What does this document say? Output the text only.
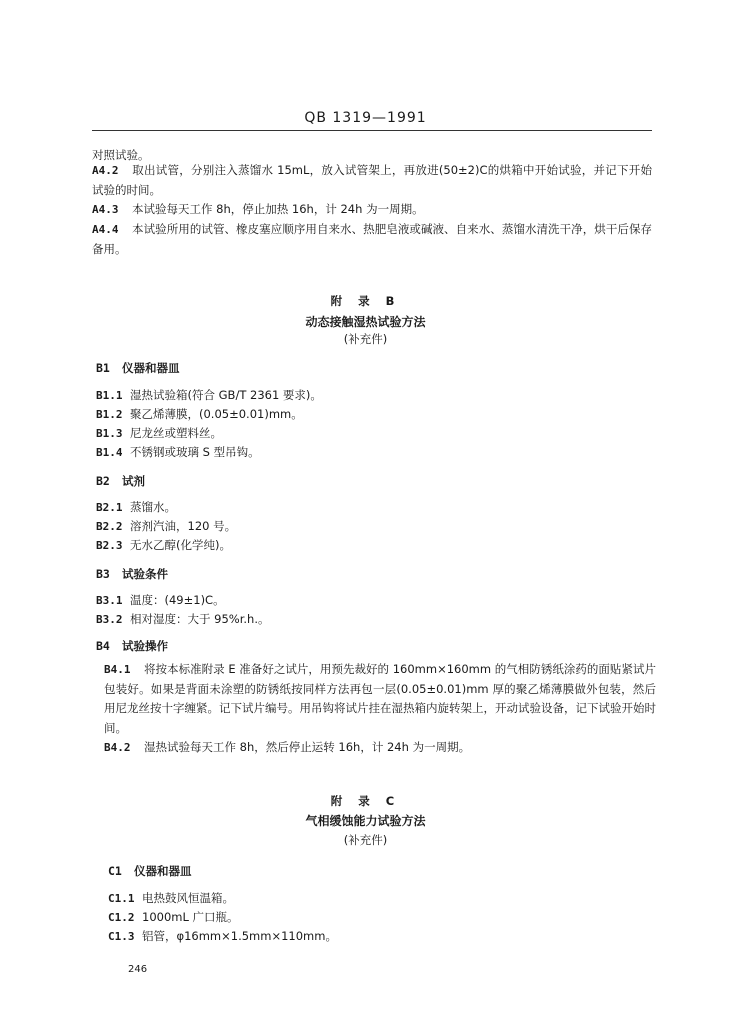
QB 1319—1991
对照试验。
A4.2 取出试管，分别注入蒸馏水 15mL，放入试管架上，再放进(50±2)C的烘箱中开始试验，并记下开始试验的时间。
A4.3 本试验每天工作 8h，停止加热 16h，计 24h 为一周期。
A4.4 本试验所用的试管、橡皮塞应顺序用自来水、热肥皂液或碱液、自来水、蒸馏水清洗干净，烘干后保存备用。
附 录 B
动态接触湿热试验方法
(补充件)
B1 仪器和器皿
B1.1 湿热试验箱(符合 GB/T 2361 要求)。
B1.2 聚乙烯薄膜，(0.05±0.01)mm。
B1.3 尼龙丝或塑料丝。
B1.4 不锈钢或玻璃 S 型吊钩。
B2 试剂
B2.1 蒸馏水。
B2.2 溶剂汽油，120 号。
B2.3 无水乙醇(化学纯)。
B3 试验条件
B3.1 温度：(49±1)C。
B3.2 相对湿度：大于 95%r.h.。
B4 试验操作
B4.1 将按本标准附录 E 准备好之试片，用预先裁好的 160mm×160mm 的气相防锈纸涂药的面贴紧试片包装好。如果是背面未涂塑的防锈纸按同样方法再包一层(0.05±0.01)mm 厚的聚乙烯薄膜做外包装，然后用尼龙丝按十字缠紧。记下试片编号。用吊钩将试片挂在湿热箱内旋转架上，开动试验设备，记下试验开始时间。
B4.2 湿热试验每天工作 8h，然后停止运转 16h，计 24h 为一周期。
附 录 C
气相缓蚀能力试验方法
(补充件)
C1 仪器和器皿
C1.1 电热鼓风恒温箱。
C1.2 1000mL 广口瓶。
C1.3 铝管，φ16mm×1.5mm×110mm。
246
